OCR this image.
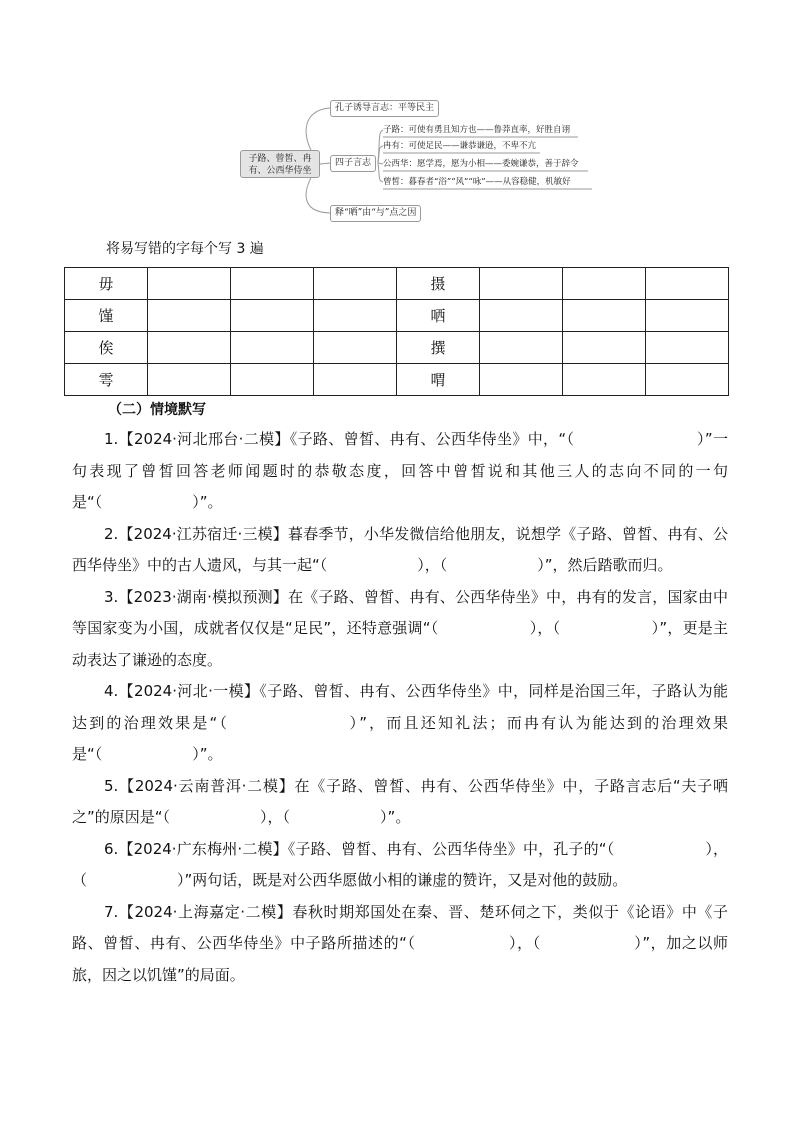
子路、曾皙、冉有、公西华侍坐
孔子诱导言志：平等民主
四子言志
释“哂”由“与”点之因
子路：可使有勇且知方也——鲁莽直率，好胜自诩
冉有：可使足民——谦恭谦逊，不卑不亢
公西华：愿学焉，愿为小相——委婉谦恭，善于辞令
曾皙：暮春者“浴”“风”“咏”——从容稳健，机敏好
将易写错的字每个写 3 遍
毋				摄			
馑				哂			
俟				撰			
雩				喟			
（二）情境默写

1.【2024·河北邢台·二模】《子路、曾皙、冉有、公西华侍坐》中，“（　　　　　　　　）”一句表现了曾皙回答老师闻题时的恭敬态度，回答中曾皙说和其他三人的志向不同的一句是“（　　　　　　）”。

2.【2024·江苏宿迁·三模】暮春季节，小华发微信给他朋友，说想学《子路、曾皙、冉有、公西华侍坐》中的古人遗风，与其一起“（　　　　　　），（　　　　　　）”，然后踏歌而归。

3.【2023·湖南·模拟预测】在《子路、曾皙、冉有、公西华侍坐》中，冉有的发言，国家由中等国家变为小国，成就者仅仅是“足民”，还特意强调“（　　　　　　），（　　　　　　）”，更是主动表达了谦逊的态度。

4.【2024·河北·一模】《子路、曾皙、冉有、公西华侍坐》中，同样是治国三年，子路认为能达到的治理效果是“（　　　　　　　）”，而且还知礼法；而冉有认为能达到的治理效果是“（　　　　　　）”。

5.【2024·云南普洱·二模】在《子路、曾皙、冉有、公西华侍坐》中，子路言志后“夫子哂之”的原因是“（　　　　　　），（　　　　　　）”。

6.【2024·广东梅州·二模】《子路、曾皙、冉有、公西华侍坐》中，孔子的“（　　　　　　），（　　　　　　）”两句话，既是对公西华愿做小相的谦虚的赞许，又是对他的鼓励。

7.【2024·上海嘉定·二模】春秋时期郑国处在秦、晋、楚环伺之下，类似于《论语》中《子路、曾皙、冉有、公西华侍坐》中子路所描述的“（　　　　　　），（　　　　　　）”，加之以师旅，因之以饥馑”的局面。
